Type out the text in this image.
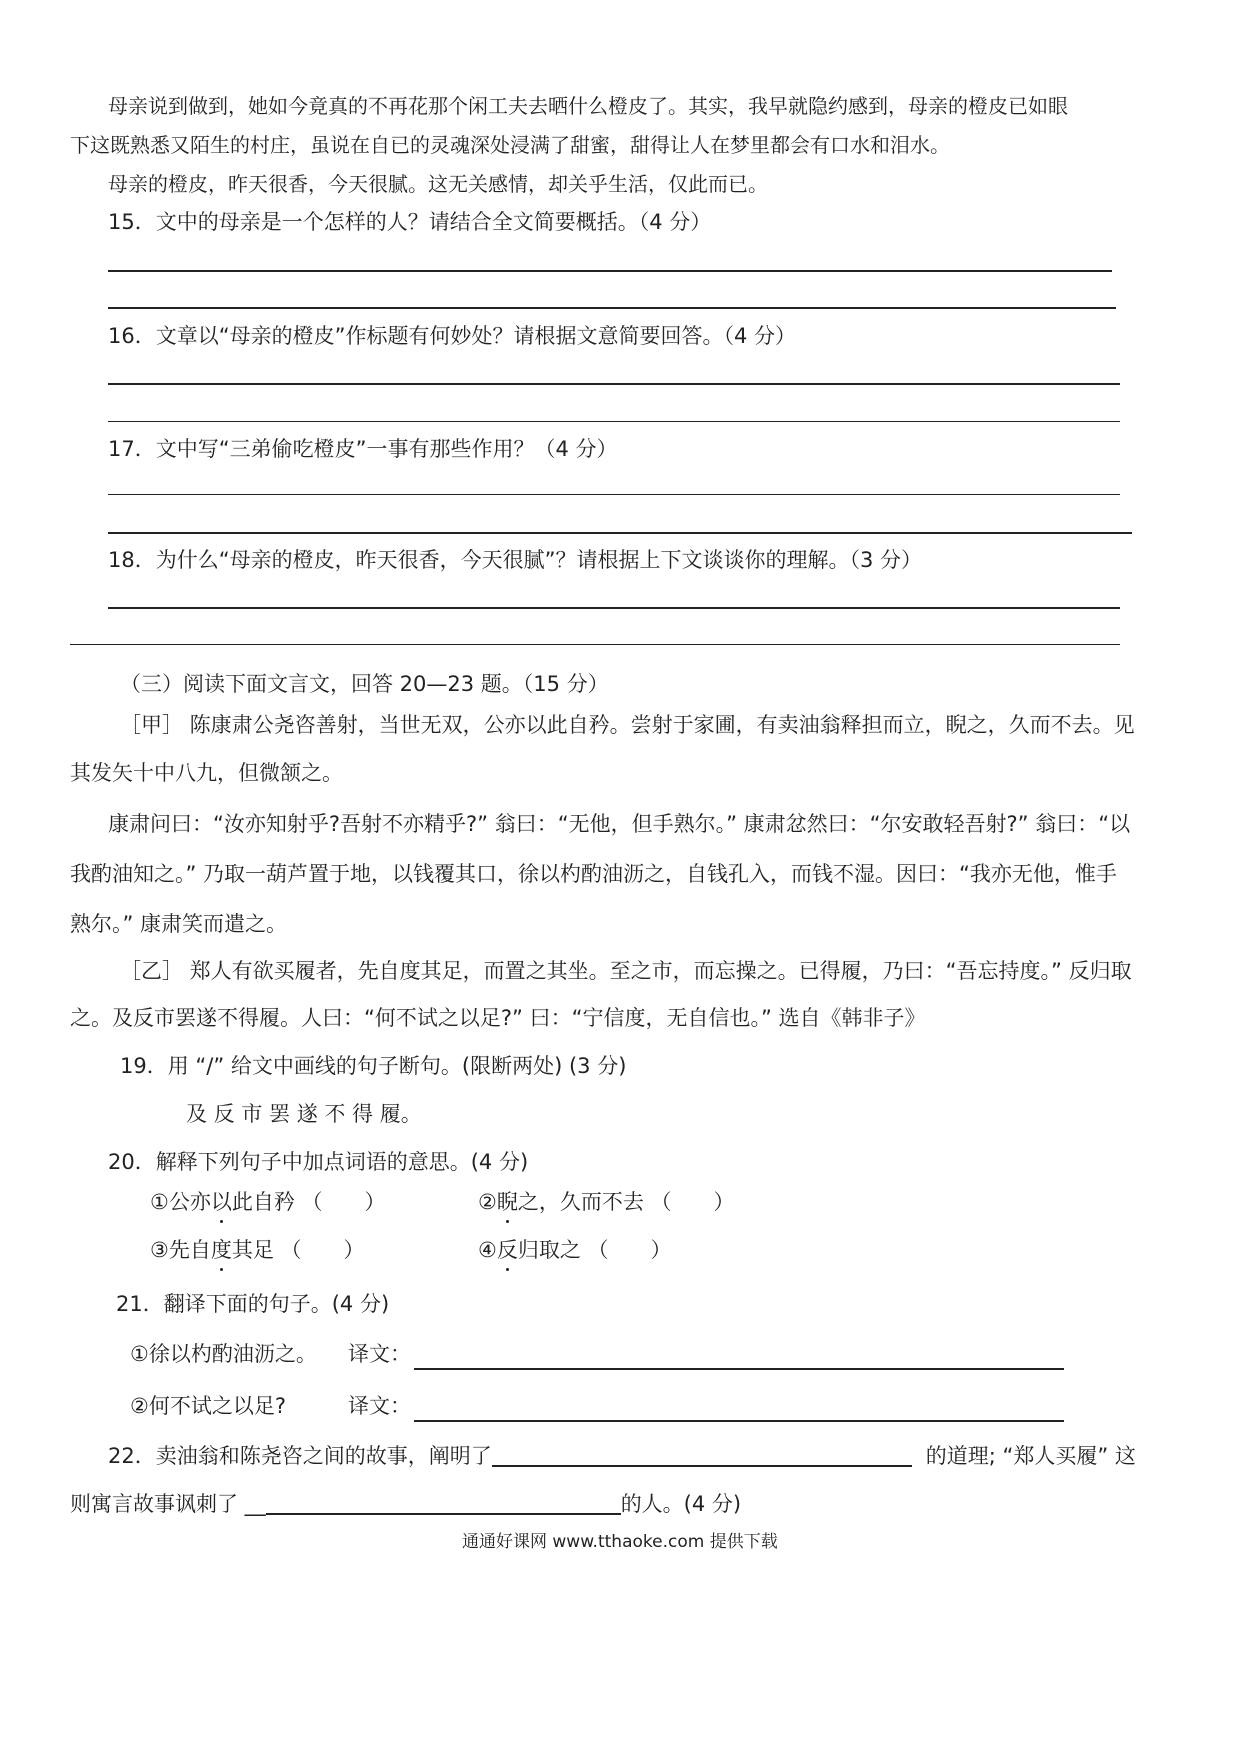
母亲说到做到，她如今竟真的不再花那个闲工夫去晒什么橙皮了。其实，我早就隐约感到，母亲的橙皮已如眼
下这既熟悉又陌生的村庄，虽说在自已的灵魂深处浸满了甜蜜，甜得让人在梦里都会有口水和泪水。
母亲的橙皮，昨天很香，今天很腻。这无关感情，却关乎生活，仅此而已。
15．文中的母亲是一个怎样的人？请结合全文简要概括。（4 分）
16．文章以“母亲的橙皮”作标题有何妙处？请根据文意简要回答。（4 分）
17．文中写“三弟偷吃橙皮”一事有那些作用？（4 分）
18．为什么“母亲的橙皮，昨天很香，今天很腻”？请根据上下文谈谈你的理解。（3 分）
（三）阅读下面文言文，回答 20—23 题。（15 分）
［甲］ 陈康肃公尧咨善射，当世无双，公亦以此自矜。尝射于家圃，有卖油翁释担而立，睨之，久而不去。见
其发矢十中八九，但微颔之。
康肃问曰：“汝亦知射乎?吾射不亦精乎?” 翁曰：“无他，但手熟尔。” 康肃忿然曰：“尔安敢轻吾射?” 翁曰：“以
我酌油知之。” 乃取一葫芦置于地，以钱覆其口，徐以杓酌油沥之，自钱孔入，而钱不湿。因曰：“我亦无他，惟手
熟尔。” 康肃笑而遣之。
［乙］ 郑人有欲买履者，先自度其足，而置之其坐。至之市，而忘操之。已得履，乃曰：“吾忘持度。” 反归取
之。及反市罢遂不得履。人曰：“何不试之以足?” 曰：“宁信度，无自信也。” 选自《韩非子》
19．用 “/” 给文中画线的句子断句。(限断两处) (3 分)
及 反 市 罢 遂 不 得 履。
20．解释下列句子中加点词语的意思。(4 分)
①公亦以此自矜 （　　）	②睨之，久而不去 （　　）
③先自度其足 （　　）	④反归取之 （　　）
21．翻译下面的句子。(4 分)
①徐以杓酌油沥之。 译文：
②何不试之以足?	译文：
22．卖油翁和陈尧咨之间的故事，阐明了	的道理; “郑人买履” 这
则寓言故事讽刺了 __	的人。(4 分)
通通好课网 www.tthaoke.com 提供下载
